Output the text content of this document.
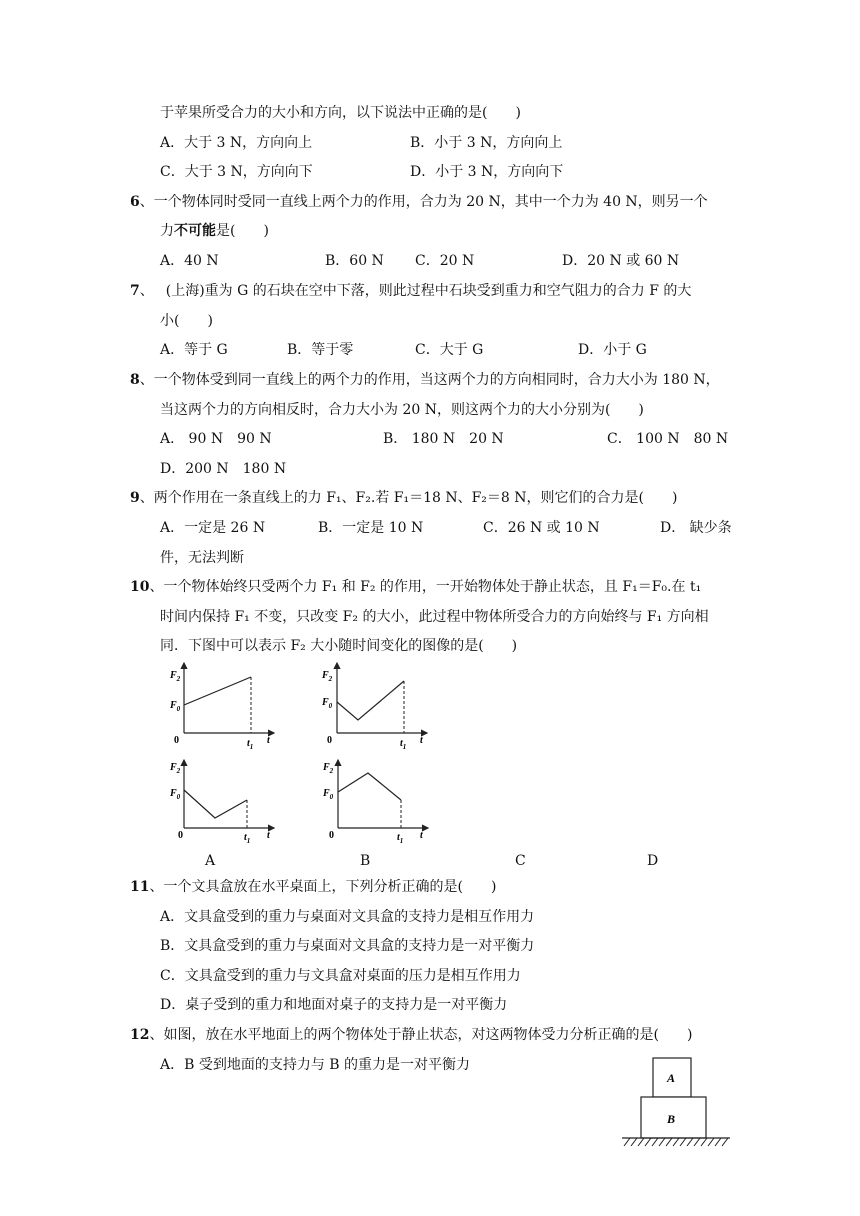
于苹果所受合力的大小和方向，以下说法中正确的是(　　)
A．大于 3 N，方向向上	B．小于 3 N，方向向上
C．大于 3 N，方向向下	D．小于 3 N，方向向下
6、一个物体同时受同一直线上两个力的作用，合力为 20 N，其中一个力为 40 N，则另一个
力不可能是(　　)
A．40 N	B．60 N C．20 N	D．20 N 或 60 N
7、 (上海)重为 G 的石块在空中下落，则此过程中石块受到重力和空气阻力的合力 F 的大
小(　　)
A．等于 G	B．等于零	C．大于 G	D．小于 G
8、一个物体受到同一直线上的两个力的作用，当这两个力的方向相同时，合力大小为 180 N，
当这两个力的方向相反时，合力大小为 20 N，则这两个力的大小分别为(　　)
A． 90 N　90 N	B． 180 N　20 N	C． 100 N　80 N
D．200 N　180 N
9、两个作用在一条直线上的力 F₁、F₂.若 F₁＝18 N、F₂＝8 N，则它们的合力是(　　)
A．一定是 26 N	B．一定是 10 N	C．26 N 或 10 N	D． 缺少条
件，无法判断
10、一个物体始终只受两个力 F₁ 和 F₂ 的作用，一开始物体处于静止状态，且 F₁＝F₀.在 t₁
时间内保持 F₁ 不变，只改变 F₂ 的大小，此过程中物体所受合力的方向始终与 F₁ 方向相
同．下图中可以表示 F₂ 大小随时间变化的图像的是(　　)
$F_2$
$F_0$
0	$t_1$
t
$F_2$
$F_0$
0	$t_1$
t
$F_2$
$F_0$
0	$t_1$ t
$F_2$
$F_0$
0	$t_1$ t
A
B
A	B	C	D
11、一个文具盒放在水平桌面上，下列分析正确的是(　　)
A．文具盒受到的重力与桌面对文具盒的支持力是相互作用力
B．文具盒受到的重力与桌面对文具盒的支持力是一对平衡力
C．文具盒受到的重力与文具盒对桌面的压力是相互作用力
D．桌子受到的重力和地面对桌子的支持力是一对平衡力
12、如图，放在水平地面上的两个物体处于静止状态，对这两物体受力分析正确的是(　　)
A．B 受到地面的支持力与 B 的重力是一对平衡力
